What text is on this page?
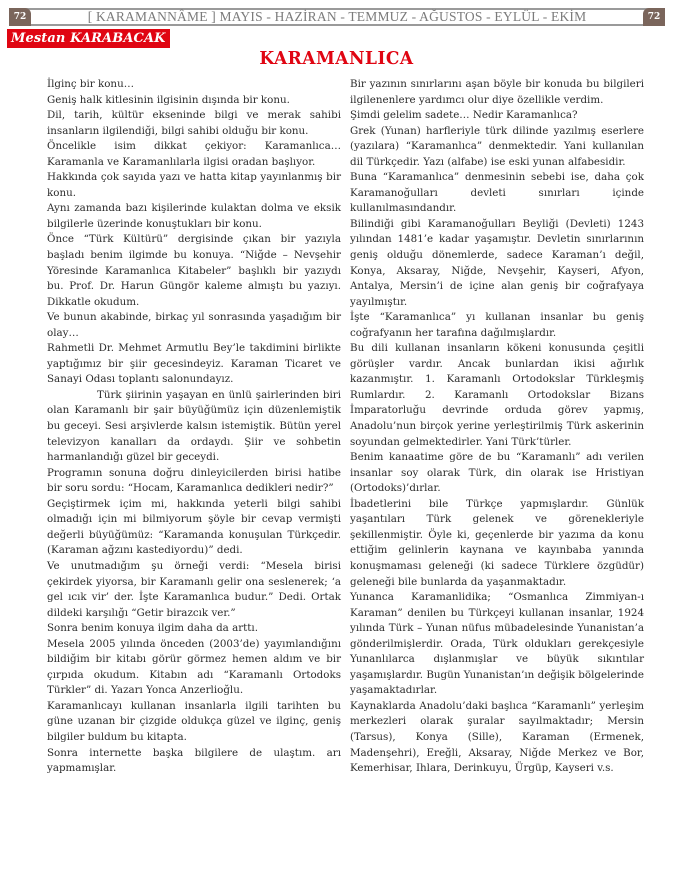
[ KARAMANNÂME ] MAYIS - HAZİRAN - TEMMUZ - AĞUSTOS - EYLÜL - EKİM
72	72
Mestan KARABACAK
KARAMANLICA

İlginç bir konu…

Geniş halk kitlesinin ilgisinin dışında bir konu.

Dil, tarih, kültür ekseninde bilgi ve merak sahibi insanların ilgilendiği, bilgi sahibi olduğu bir konu.

Öncelikle isim dikkat çekiyor: Karamanlıca… Karamanla ve Karamanlılarla ilgisi oradan başlıyor.

Hakkında çok sayıda yazı ve hatta kitap yayınlanmış bir konu.

Aynı zamanda bazı kişilerinde kulaktan dolma ve eksik bilgilerle üzerinde konuştukları bir konu.

Önce “Türk Kültürü” dergisinde çıkan bir yazıyla başladı benim ilgimde bu konuya. “Niğde – Nevşehir Yöresinde Karamanlıca Kitabeler” başlıklı bir yazıydı bu. Prof. Dr. Harun Güngör kaleme almıştı bu yazıyı. Dikkatle okudum.

Ve bunun akabinde, birkaç yıl sonrasında yaşadığım bir olay…

Rahmetli Dr. Mehmet Armutlu Bey’le takdimini birlikte yaptığımız bir şiir gecesindeyiz. Karaman Ticaret ve Sanayi Odası toplantı salonundayız.

Türk şiirinin yaşayan en ünlü şairlerinden biri olan Karamanlı bir şair büyüğümüz için düzenlemiştik bu geceyi. Sesi arşivlerde kalsın istemiştik. Bütün yerel televizyon kanalları da ordaydı. Şiir ve sohbetin harmanlandığı güzel bir geceydi.

Programın sonuna doğru dinleyicilerden birisi hatibe bir soru sordu: “Hocam, Karamanlıca dedikleri nedir?”

Geçiştirmek içim mi, hakkında yeterli bilgi sahibi olmadığı için mi bilmiyorum şöyle bir cevap vermişti değerli büyüğümüz: “Karamanda konuşulan Türkçedir. (Karaman ağzını kastediyordu)” dedi.

Ve unutmadığım şu örneği verdi: “Mesela birisi çekirdek yiyorsa, bir Karamanlı gelir ona seslenerek; ‘a gel ıcık vir’ der. İşte Karamanlıca budur.” Dedi. Ortak dildeki karşılığı “Getir birazcık ver.”

Sonra benim konuya ilgim daha da arttı.

Mesela 2005 yılında önceden (2003’de) yayımlandığını bildiğim bir kitabı görür görmez hemen aldım ve bir çırpıda okudum. Kitabın adı “Karamanlı Ortodoks Türkler” di. Yazarı Yonca Anzerlioğlu.

Karamanlıcayı kullanan insanlarla ilgili tarihten bu güne uzanan bir çizgide oldukça güzel ve ilginç, geniş bilgiler buldum bu kitapta.

Sonra internette başka bilgilere de ulaştım. arı yapmamışlar.

Bir yazının sınırlarını aşan böyle bir konuda bu bilgileri ilgilenenlere yardımcı olur diye özellikle verdim.

Şimdi gelelim sadete… Nedir Karamanlıca?

Grek (Yunan) harfleriyle türk dilinde yazılmış eserlere (yazılara) “Karamanlıca” denmektedir. Yani kullanılan dil Türkçedir. Yazı (alfabe) ise eski yunan alfabesidir.

Buna “Karamanlıca” denmesinin sebebi ise, daha çok Karamanoğulları devleti sınırları içinde kullanılmasındandır.

Bilindiği gibi Karamanoğulları Beyliği (Devleti) 1243 yılından 1481’e kadar yaşamıştır. Devletin sınırlarının geniş olduğu dönemlerde, sadece Karaman’ı değil, Konya, Aksaray, Niğde, Nevşehir, Kayseri, Afyon, Antalya, Mersin’i de içine alan geniş bir coğrafyaya yayılmıştır.

İşte “Karamanlıca” yı kullanan insanlar bu geniş coğrafyanın her tarafına dağılmışlardır.

Bu dili kullanan insanların kökeni konusunda çeşitli görüşler vardır. Ancak bunlardan ikisi ağırlık kazanmıştır. 1. Karamanlı Ortodokslar Türkleşmiş Rumlardır. 2. Karamanlı Ortodokslar Bizans İmparatorluğu devrinde orduda görev yapmış, Anadolu’nun birçok yerine yerleştirilmiş Türk askerinin soyundan gelmektedirler. Yani Türk’türler.

Benim kanaatime göre de bu “Karamanlı” adı verilen insanlar soy olarak Türk, din olarak ise Hristiyan (Ortodoks)’dırlar.

İbadetlerini bile Türkçe yapmışlardır. Günlük yaşantıları Türk gelenek ve görenekleriyle şekillenmiştir. Öyle ki, geçenlerde bir yazıma da konu ettiğim gelinlerin kaynana ve kayınbaba yanında konuşmaması geleneği (ki sadece Türklere özgüdür) geleneği bile bunlarda da yaşanmaktadır.

Yunanca Karamanlidika; “Osmanlıca Zimmiyan-ı Karaman” denilen bu Türkçeyi kullanan insanlar, 1924 yılında Türk – Yunan nüfus mübadelesinde Yunanistan’a gönderilmişlerdir. Orada, Türk oldukları gerekçesiyle Yunanlılarca dışlanmışlar ve büyük sıkıntılar yaşamışlardır. Bugün Yunanistan’ın değişik bölgelerinde yaşamaktadırlar.

Kaynaklarda Anadolu’daki başlıca “Karamanlı” yerleşim merkezleri olarak şuralar sayılmaktadır; Mersin (Tarsus), Konya (Sille), Karaman (Ermenek, Madenşehri), Ereğli, Aksaray, Niğde Merkez ve Bor, Kemerhisar, Ihlara, Derinkuyu, Ürgüp, Kayseri v.s.
